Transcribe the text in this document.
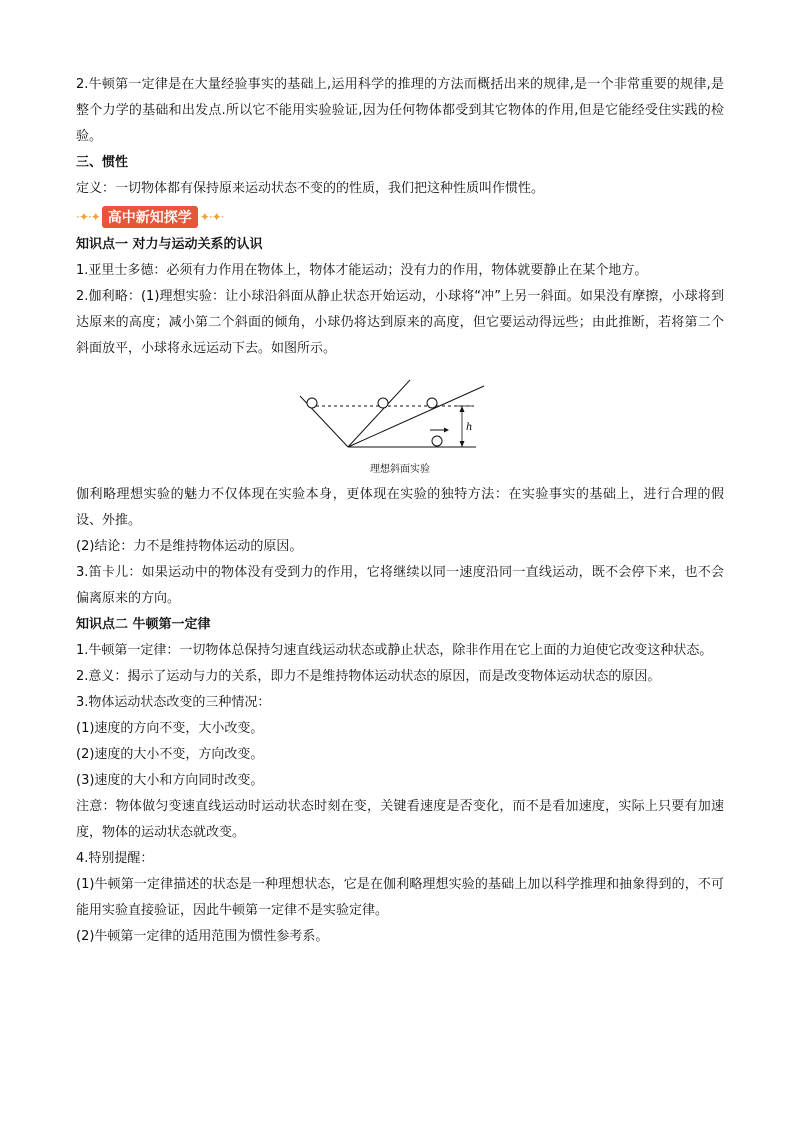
2.牛顿第一定律是在大量经验事实的基础上,运用科学的推理的方法而概括出来的规律,是一个非常重要的规律,是整个力学的基础和出发点.所以它不能用实验验证,因为任何物体都受到其它物体的作用,但是它能经受住实践的检验。

三、惯性

定义：一切物体都有保持原来运动状态不变的的性质，我们把这种性质叫作惯性。

·✦·✦ 高中新知探学 ✦·✦·

知识点一 对力与运动关系的认识

1.亚里士多德：必须有力作用在物体上，物体才能运动；没有力的作用，物体就要静止在某个地方。

2.伽利略：(1)理想实验：让小球沿斜面从静止状态开始运动，小球将“冲”上另一斜面。如果没有摩擦，小球将到达原来的高度；减小第二个斜面的倾角，小球仍将达到原来的高度，但它要运动得远些；由此推断，若将第二个斜面放平，小球将永远运动下去。如图所示。

h
理想斜面实验

伽利略理想实验的魅力不仅体现在实验本身，更体现在实验的独特方法：在实验事实的基础上，进行合理的假设、外推。

(2)结论：力不是维持物体运动的原因。

3.笛卡儿：如果运动中的物体没有受到力的作用，它将继续以同一速度沿同一直线运动，既不会停下来，也不会偏离原来的方向。

知识点二 牛顿第一定律

1.牛顿第一定律：一切物体总保持匀速直线运动状态或静止状态，除非作用在它上面的力迫使它改变这种状态。

2.意义：揭示了运动与力的关系，即力不是维持物体运动状态的原因，而是改变物体运动状态的原因。

3.物体运动状态改变的三种情况：

(1)速度的方向不变，大小改变。

(2)速度的大小不变，方向改变。

(3)速度的大小和方向同时改变。

注意：物体做匀变速直线运动时运动状态时刻在变，关键看速度是否变化，而不是看加速度，实际上只要有加速度，物体的运动状态就改变。

4.特别提醒：

(1)牛顿第一定律描述的状态是一种理想状态，它是在伽利略理想实验的基础上加以科学推理和抽象得到的，不可能用实验直接验证，因此牛顿第一定律不是实验定律。

(2)牛顿第一定律的适用范围为惯性参考系。
